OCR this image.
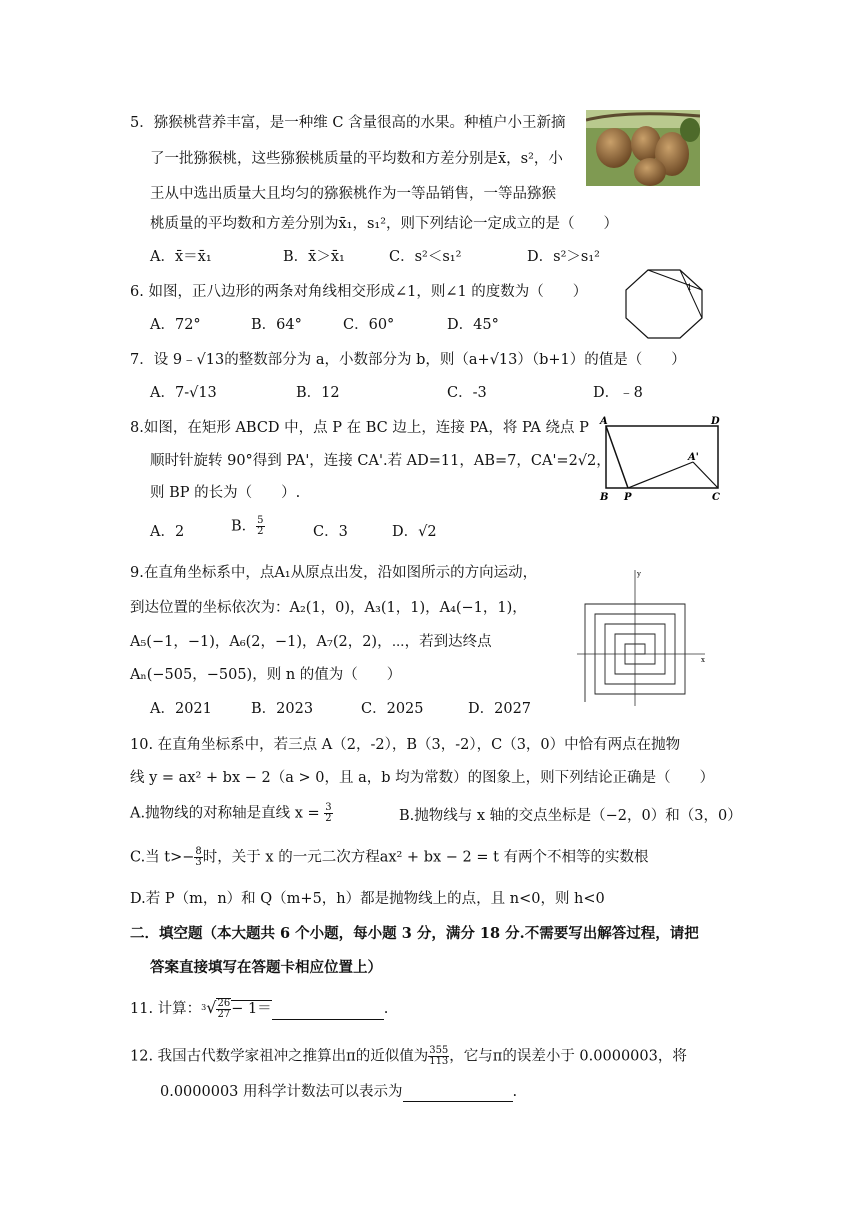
5．猕猴桃营养丰富，是一种维 C 含量很高的水果。种植户小王新摘
了一批猕猴桃，这些猕猴桃质量的平均数和方差分别是x̄，s²，小
王从中选出质量大且均匀的猕猴桃作为一等品销售，一等品猕猴
桃质量的平均数和方差分别为x̄₁，s₁²，则下列结论一定成立的是（　　）
A．x̄＝x̄₁	B．x̄＞x̄₁	C．s²＜s₁²	D．s²＞s₁²
6. 如图，正八边形的两条对角线相交形成∠1，则∠1 的度数为（　　）
A．72°	B．64°	C．60°	D．45°
1
7．设 9﹣√13的整数部分为 a，小数部分为 b，则（a+√13）（b+1）的值是（　　）
A．7-√13	B．12	C．-3	D．﹣8
8.如图，在矩形 ABCD 中，点 P 在 BC 边上，连接 PA，将 PA 绕点 P
顺时针旋转 90°得到 PA'，连接 CA'.若 AD=11，AB=7，CA'=2√2，
则 BP 的长为（　　）.
A．2	B． $\frac{5}{2}$	C．3	D．√2
A	D
B P	C
A'
9.在直角坐标系中，点A₁从原点出发，沿如图所示的方向运动，
到达位置的坐标依次为：A₂(1，0)，A₃(1，1)，A₄(−1，1)，
A₅(−1，−1)，A₆(2，−1)，A₇(2，2)，⋯，若到达终点
Aₙ(−505，−505)，则 n 的值为（　　）
A．2021	B．2023	C．2025	D．2027
y
x
10. 在直角坐标系中，若三点 A（2，-2），B（3，-2），C（3，0）中恰有两点在抛物
线 y = ax² + bx − 2（a > 0，且 a，b 均为常数）的图象上，则下列结论正确是（　　）
A.抛物线的对称轴是直线 $x = \frac{3}{2}$	B.抛物线与 x 轴的交点坐标是（−2，0）和（3，0）
C.当 $t>- \frac{8}{3}$ 时，关于 x 的一元二次方程ax² + bx − 2 = t 有两个不相等的实数根
D.若 P（m，n）和 Q（m+5，h）都是抛物线上的点，且 n<0，则 h<0
二．填空题（本大题共 6 个小题，每小题 3 分，满分 18 分.不需要写出解答过程，请把
答案直接填写在答题卡相应位置上）
11. 计算：$^3√ \frac{26}{27} - 1=$	.
12. 我国古代数学家祖冲之推算出π的近似值为 $\frac{355}{113}$ ，它与π的误差小于 0.0000003，将
0.0000003 用科学计数法可以表示为	.
